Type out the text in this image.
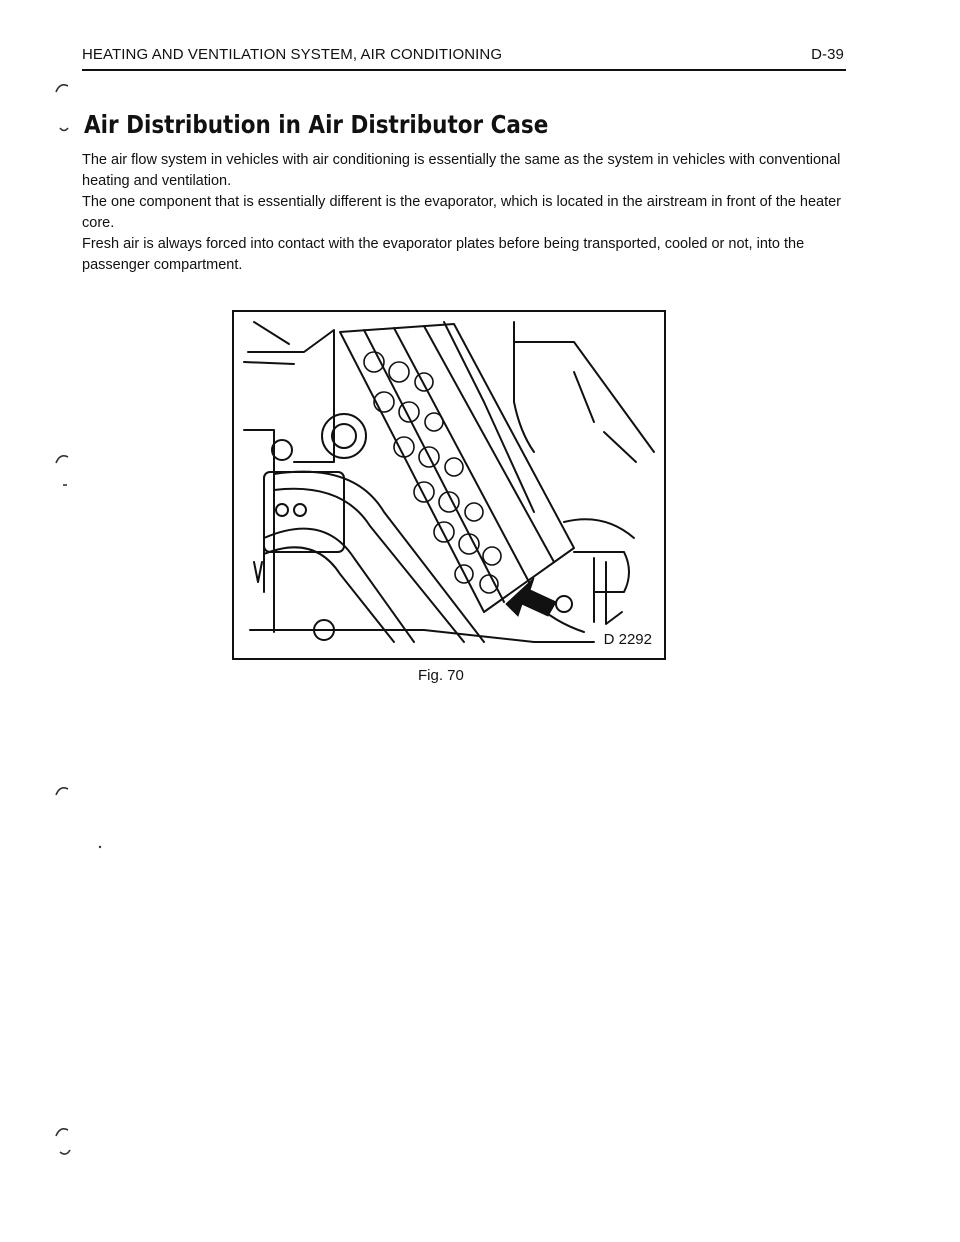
HEATING AND VENTILATION SYSTEM, AIR CONDITIONING	D-39
Air Distribution in Air Distributor Case

The air flow system in vehicles with air conditioning is essentially the same as the system in vehicles with conventional heating and ventilation.

The one component that is essentially different is the evaporator, which is located in the airstream in front of the heater core.

Fresh air is always forced into contact with the evaporator plates before being transported, cooled or not, into the passenger compartment.

D 2292
Fig. 70
